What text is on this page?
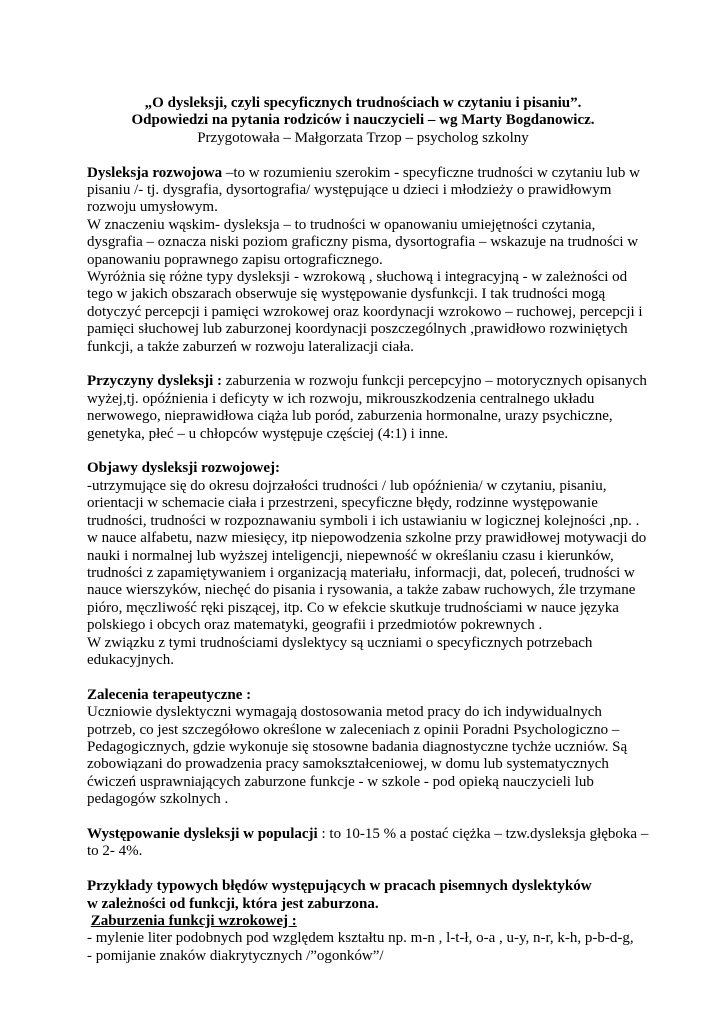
„O dysleksji, czyli specyficznych trudnościach w czytaniu i pisaniu”.

Odpowiedzi na pytania rodziców i nauczycieli – wg Marty Bogdanowicz.

Przygotowała – Małgorzata Trzop – psycholog szkolny

Dysleksja rozwojowa –to w rozumieniu szerokim - specyficzne trudności w czytaniu lub w
pisaniu /- tj. dysgrafia, dysortografia/ występujące u dzieci i młodzieży o prawidłowym
rozwoju umysłowym.
W znaczeniu wąskim- dysleksja – to trudności w opanowaniu umiejętności czytania,
dysgrafia – oznacza niski poziom graficzny pisma, dysortografia – wskazuje na trudności w
opanowaniu poprawnego zapisu ortograficznego.
Wyróżnia się różne typy dysleksji - wzrokową , słuchową i integracyjną - w zależności od
tego w jakich obszarach obserwuje się występowanie dysfunkcji. I tak trudności mogą
dotyczyć percepcji i pamięci wzrokowej oraz koordynacji wzrokowo – ruchowej, percepcji i
pamięci słuchowej lub zaburzonej koordynacji poszczególnych ,prawidłowo rozwiniętych
funkcji, a także zaburzeń w rozwoju lateralizacji ciała.

Przyczyny dysleksji : zaburzenia w rozwoju funkcji percepcyjno – motorycznych opisanych
wyżej,tj. opóźnienia i deficyty w ich rozwoju, mikrouszkodzenia centralnego układu
nerwowego, nieprawidłowa ciąża lub poród, zaburzenia hormonalne, urazy psychiczne,
genetyka, płeć – u chłopców występuje częściej (4:1) i inne.

Objawy dysleksji rozwojowej:
-utrzymujące się do okresu dojrzałości trudności / lub opóźnienia/ w czytaniu, pisaniu,
orientacji w schemacie ciała i przestrzeni, specyficzne błędy, rodzinne występowanie
trudności, trudności w rozpoznawaniu symboli i ich ustawianiu w logicznej kolejności ,np. .
w nauce alfabetu, nazw miesięcy, itp niepowodzenia szkolne przy prawidłowej motywacji do
nauki i normalnej lub wyższej inteligencji, niepewność w określaniu czasu i kierunków,
trudności z zapamiętywaniem i organizacją materiału, informacji, dat, poleceń, trudności w
nauce wierszyków, niechęć do pisania i rysowania, a także zabaw ruchowych, źle trzymane
pióro, męczliwość ręki piszącej, itp. Co w efekcie skutkuje trudnościami w nauce języka
polskiego i obcych oraz matematyki, geografii i przedmiotów pokrewnych .
W związku z tymi trudnościami dyslektycy są uczniami o specyficznych potrzebach
edukacyjnych.

Zalecenia terapeutyczne :
Uczniowie dyslektyczni wymagają dostosowania metod pracy do ich indywidualnych
potrzeb, co jest szczegółowo określone w zaleceniach z opinii Poradni Psychologiczno –
Pedagogicznych, gdzie wykonuje się stosowne badania diagnostyczne tychże uczniów. Są
zobowiązani do prowadzenia pracy samokształceniowej, w domu lub systematycznych
ćwiczeń usprawniających zaburzone funkcje - w szkole - pod opieką nauczycieli lub
pedagogów szkolnych .

Występowanie dysleksji w populacji : to 10-15 % a postać ciężka – tzw.dysleksja głęboka –
to 2- 4%.

Przykłady typowych błędów występujących w pracach pisemnych dyslektyków
w zależności od funkcji, która jest zaburzona.
Zaburzenia funkcji wzrokowej :
- mylenie liter podobnych pod względem kształtu np. m-n , l-t-ł, o-a , u-y, n-r, k-h, p-b-d-g,
- pomijanie znaków diakrytycznych /”ogonków”/
